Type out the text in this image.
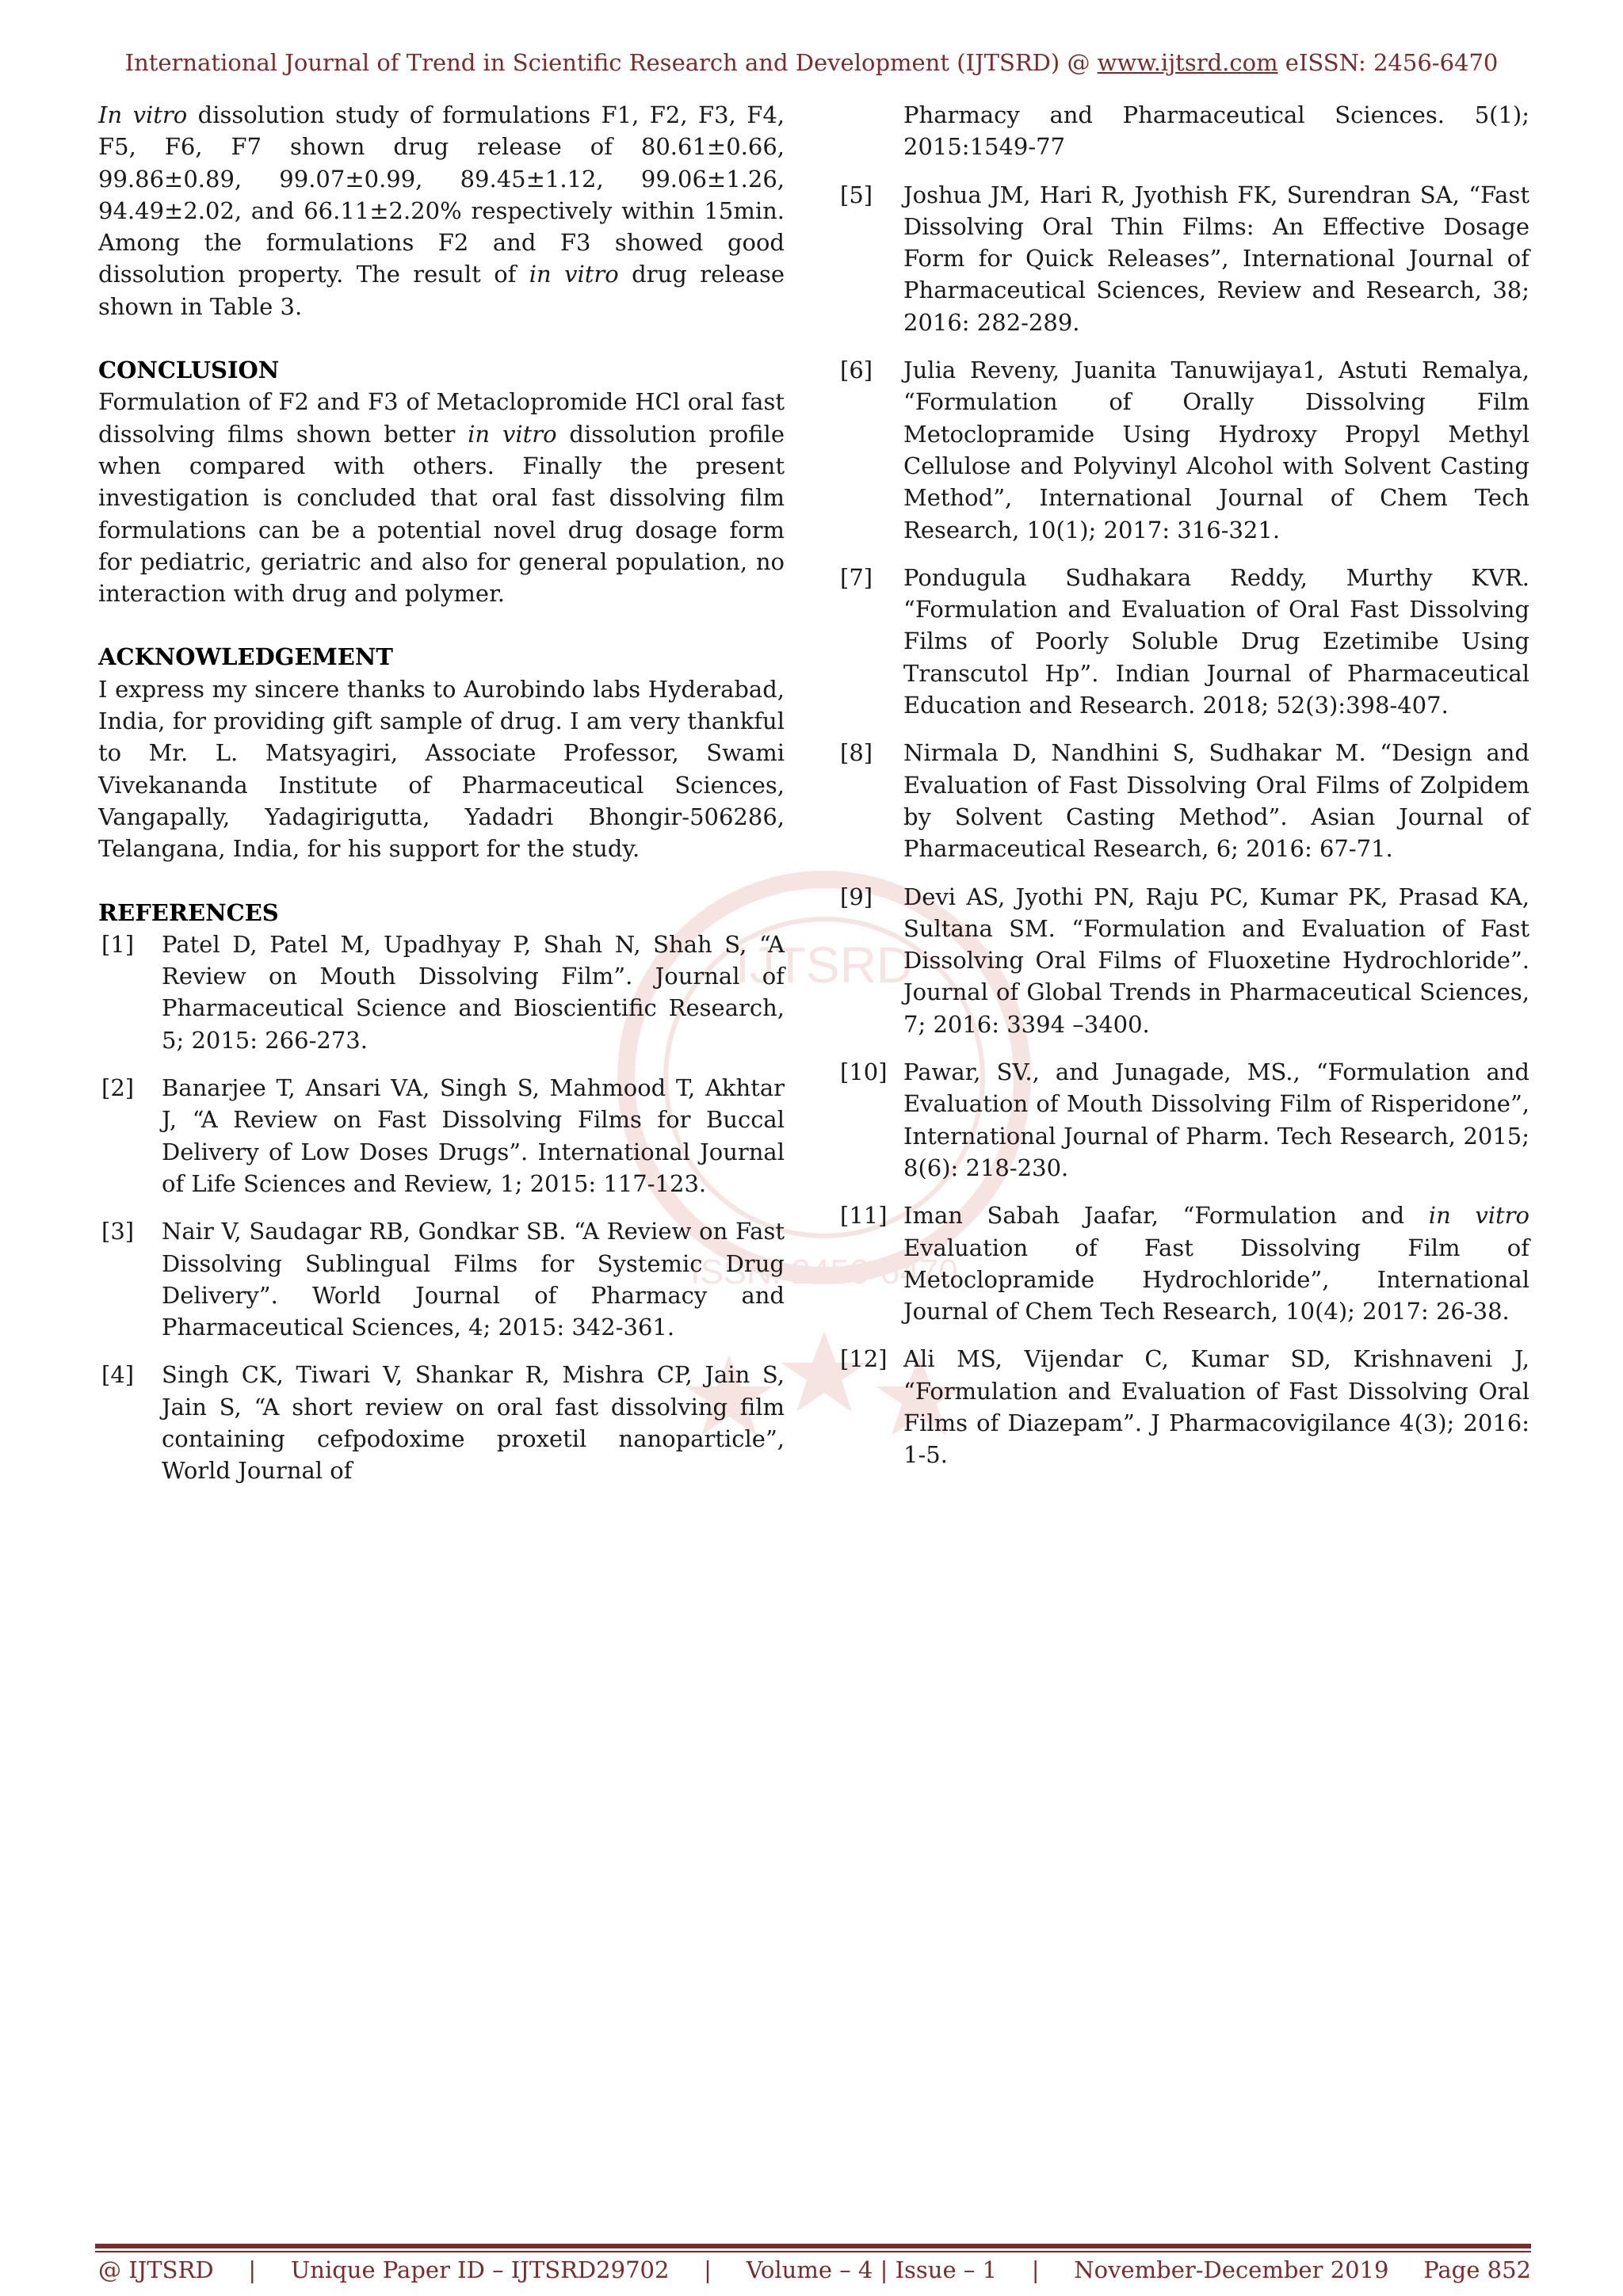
International Journal of Trend in Scientific Research and Development (IJTSRD) @ www.ijtsrd.com eISSN: 2456-6470
IJTSRD
ISSN: 2456-6470

In vitro dissolution study of formulations F1, F2, F3, F4, F5, F6, F7 shown drug release of 80.61±0.66, 99.86±0.89, 99.07±0.99, 89.45±1.12, 99.06±1.26, 94.49±2.02, and 66.11±2.20% respectively within 15min. Among the formulations F2 and F3 showed good dissolution property. The result of in vitro drug release shown in Table 3.

CONCLUSION

Formulation of F2 and F3 of Metaclopromide HCl oral fast dissolving films shown better in vitro dissolution profile when compared with others. Finally the present investigation is concluded that oral fast dissolving film formulations can be a potential novel drug dosage form for pediatric, geriatric and also for general population, no interaction with drug and polymer.

ACKNOWLEDGEMENT

I express my sincere thanks to Aurobindo labs Hyderabad, India, for providing gift sample of drug. I am very thankful to Mr. L. Matsyagiri, Associate Professor, Swami Vivekananda Institute of Pharmaceutical Sciences, Vangapally, Yadagirigutta, Yadadri Bhongir-506286, Telangana, India, for his support for the study.

REFERENCES
[1] Patel D, Patel M, Upadhyay P, Shah N, Shah S, “A Review on Mouth Dissolving Film”. Journal of Pharmaceutical Science and Bioscientific Research, 5; 2015: 266-273.
[2] Banarjee T, Ansari VA, Singh S, Mahmood T, Akhtar J, “A Review on Fast Dissolving Films for Buccal Delivery of Low Doses Drugs”. International Journal of Life Sciences and Review, 1; 2015: 117-123.
[3] Nair V, Saudagar RB, Gondkar SB. “A Review on Fast Dissolving Sublingual Films for Systemic Drug Delivery”. World Journal of Pharmacy and Pharmaceutical Sciences, 4; 2015: 342-361.
[4] Singh CK, Tiwari V, Shankar R, Mishra CP, Jain S, Jain S, “A short review on oral fast dissolving film containing cefpodoxime proxetil nanoparticle”, World Journal of
Pharmacy and Pharmaceutical Sciences. 5(1); 2015:1549-77
[5] Joshua JM, Hari R, Jyothish FK, Surendran SA, “Fast Dissolving Oral Thin Films: An Effective Dosage Form for Quick Releases”, International Journal of Pharmaceutical Sciences, Review and Research, 38; 2016: 282-289.
[6] Julia Reveny, Juanita Tanuwijaya1, Astuti Remalya, “Formulation of Orally Dissolving Film Metoclopramide Using Hydroxy Propyl Methyl Cellulose and Polyvinyl Alcohol with Solvent Casting Method”, International Journal of Chem Tech Research, 10(1); 2017: 316-321.
[7] Pondugula Sudhakara Reddy, Murthy KVR. “Formulation and Evaluation of Oral Fast Dissolving Films of Poorly Soluble Drug Ezetimibe Using Transcutol Hp”. Indian Journal of Pharmaceutical Education and Research. 2018; 52(3):398-407.
[8] Nirmala D, Nandhini S, Sudhakar M. “Design and Evaluation of Fast Dissolving Oral Films of Zolpidem by Solvent Casting Method”. Asian Journal of Pharmaceutical Research, 6; 2016: 67-71.
[9] Devi AS, Jyothi PN, Raju PC, Kumar PK, Prasad KA, Sultana SM. “Formulation and Evaluation of Fast Dissolving Oral Films of Fluoxetine Hydrochloride”. Journal of Global Trends in Pharmaceutical Sciences, 7; 2016: 3394 –3400.
[10] Pawar, SV., and Junagade, MS., “Formulation and Evaluation of Mouth Dissolving Film of Risperidone”, International Journal of Pharm. Tech Research, 2015; 8(6): 218-230.
[11] Iman Sabah Jaafar, “Formulation and in vitro Evaluation of Fast Dissolving Film of Metoclopramide Hydrochloride”, International Journal of Chem Tech Research, 10(4); 2017: 26-38.
[12] Ali MS, Vijendar C, Kumar SD, Krishnaveni J, “Formulation and Evaluation of Fast Dissolving Oral Films of Diazepam”. J Pharmacovigilance 4(3); 2016: 1-5.
@ IJTSRD | Unique Paper ID – IJTSRD29702 | Volume – 4 | Issue – 1 | November-December 2019 Page 852
